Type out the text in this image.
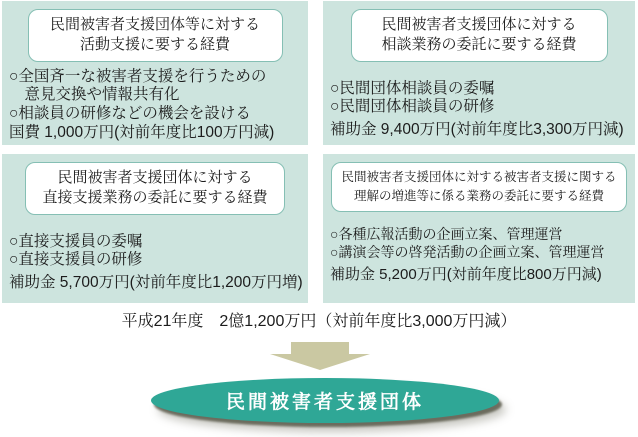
民間被害者支援団体等に対する
活動支援に要する経費
○全国斉一な被害者支援を行うための
　意見交換や情報共有化
○相談員の研修などの機会を設ける
国費 1,000万円(対前年度比100万円減)
民間被害者支援団体に対する
相談業務の委託に要する経費
○民間団体相談員の委嘱
○民間団体相談員の研修
補助金 9,400万円(対前年度比3,300万円減)
民間被害者支援団体に対する
直接支援業務の委託に要する経費
○直接支援員の委嘱
○直接支援員の研修
補助金 5,700万円(対前年度比1,200万円増)
民間被害者支援団体に対する被害者支援に関する
理解の増進等に係る業務の委託に要する経費
○各種広報活動の企画立案、管理運営
○講演会等の啓発活動の企画立案、管理運営
補助金 5,200万円(対前年度比800万円減)
平成21年度　2億1,200万円（対前年度比3,000万円減）
民間被害者支援団体
